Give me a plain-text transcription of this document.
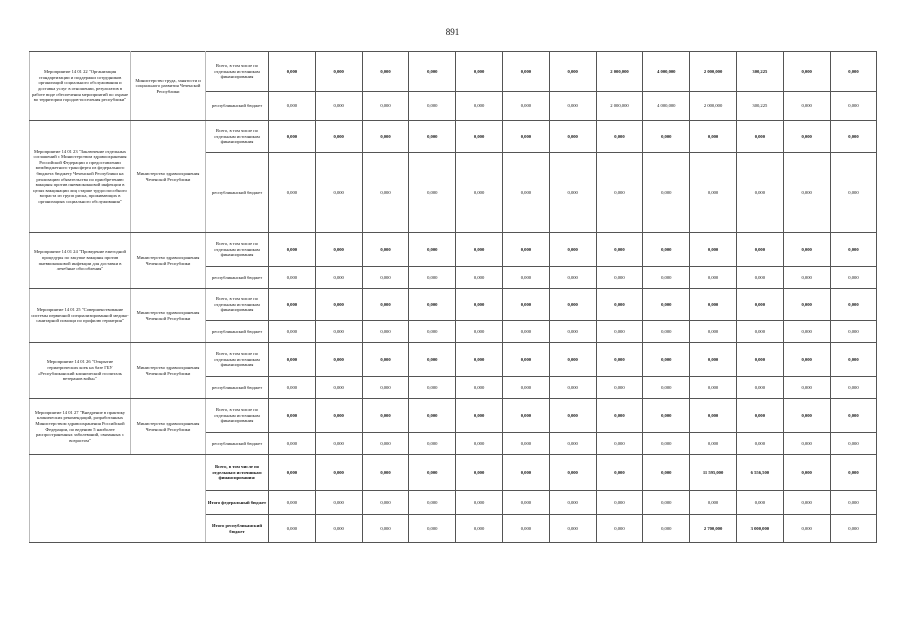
891
Мероприятие 14 01 22 "Организация стандартизации и поддержки сотрудников организаций социального обслуживания и доставка услуг в отношении, результатов в работе виде обеспечения мероприятий по охране во территории городов-поселения республики"	Министерство труда, занятости и социального развития Чеченской Республики	Всего, в том числе по отдельным источникам финансирования	0,000	0,000	0,000	0,000	0,000	0,000	0,000	2 000,000	4 000,000	2 000,000	300,225	0,000	0,000
		республиканский бюджет	0,000	0,000	0,000	0,000	0,000	0,000	0,000	2 000,000	4 000,000	2 000,000	300,225	0,000	0,000
Мероприятие 14 01 23 "Заключение отдельных соглашений с Министерством здравоохранения Российской Федерации о предоставлении межбюджетного трансферта из федерального бюджета бюджету Чеченской Республики на реализацию обязательства по приобретению вакцины против пневмококковой инфекции в целях вакцинации лиц старше трудоспособного возраста из групп риска, проживающих в организациях социального обслуживания"	Министерство здравоохранения Чеченской Республики	Всего, в том числе по отдельным источникам финансирования	0,000	0,000	0,000	0,000	0,000	0,000	0,000	0,000	0,000	0,000	0,000	0,000	0,000
		республиканский бюджет	0,000	0,000	0,000	0,000	0,000	0,000	0,000	0,000	0,000	0,000	0,000	0,000	0,000
Мероприятие 14 01 24 "Проведение ежегодной процедуры по закупке вакцины против пневмококковой инфекции для доставки в лечебные обособления"	Министерство здравоохранения Чеченской Республики	Всего, в том числе по отдельным источникам финансирования	0,000	0,000	0,000	0,000	0,000	0,000	0,000	0,000	0,000	0,000	0,000	0,000	0,000
		республиканский бюджет	0,000	0,000	0,000	0,000	0,000	0,000	0,000	0,000	0,000	0,000	0,000	0,000	0,000
Мероприятие 14 01 25 "Совершенствование системы первичной специализированной медико-санитарной помощи по профилю гериатрия"	Министерство здравоохранения Чеченской Республики	Всего, в том числе по отдельным источникам финансирования	0,000	0,000	0,000	0,000	0,000	0,000	0,000	0,000	0,000	0,000	0,000	0,000	0,000
		республиканский бюджет	0,000	0,000	0,000	0,000	0,000	0,000	0,000	0,000	0,000	0,000	0,000	0,000	0,000
Мероприятие 14 01 26 "Открытие гериатрических коек на базе ГБУ «Республиканский клинический госпиталь ветеранов войн»"	Министерство здравоохранения Чеченской Республики	Всего, в том числе по отдельным источникам финансирования	0,000	0,000	0,000	0,000	0,000	0,000	0,000	0,000	0,000	0,000	0,000	0,000	0,000
		республиканский бюджет	0,000	0,000	0,000	0,000	0,000	0,000	0,000	0,000	0,000	0,000	0,000	0,000	0,000
Мероприятие 14 01 27 "Внедрение в практику клинических рекомендаций, разработанных Министерством здравоохранения Российской Федерации, по ведению 5 наиболее распространенных заболеваний, связанных с возрастом"	Министерство здравоохранения Чеченской Республики	Всего, в том числе по отдельным источникам финансирования	0,000	0,000	0,000	0,000	0,000	0,000	0,000	0,000	0,000	0,000	0,000	0,000	0,000
		республиканский бюджет	0,000	0,000	0,000	0,000	0,000	0,000	0,000	0,000	0,000	0,000	0,000	0,000	0,000
		Всего, в том числе по отдельным источникам финансирования:	0,000	0,000	0,000	0,000	0,000	0,000	0,000	0,000	0,000	11 595,000	6 556,500	0,000	0,000
		Итого федеральный бюджет	0,000	0,000	0,000	0,000	0,000	0,000	0,000	0,000	0,000	0,000	0,000	0,000	0,000
		Итого республиканский бюджет	0,000	0,000	0,000	0,000	0,000	0,000	0,000	0,000	0,000	2 700,000	3 000,000	0,000	0,000
